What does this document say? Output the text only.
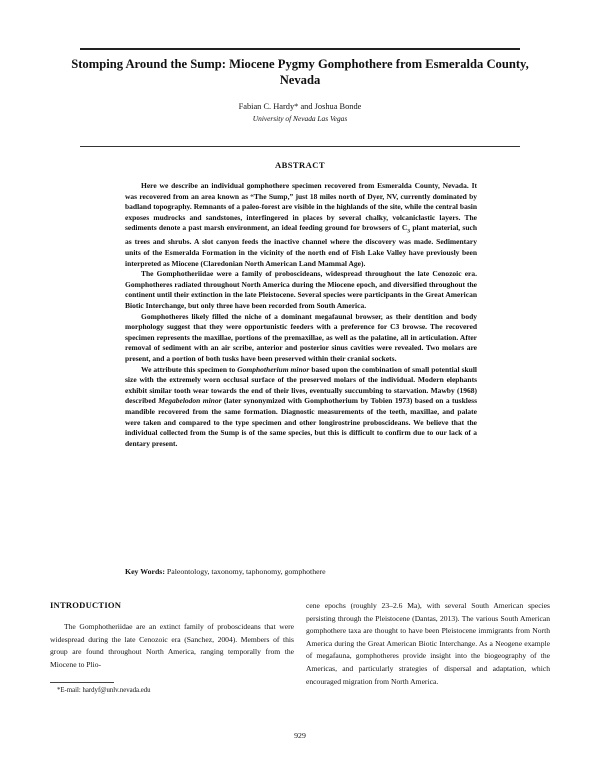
Stomping Around the Sump: Miocene Pygmy Gomphothere from Esmeralda County, Nevada
Fabian C. Hardy* and Joshua Bonde
University of Nevada Las Vegas
ABSTRACT

Here we describe an individual gomphothere specimen recovered from Esmeralda County, Nevada. It was recovered from an area known as “The Sump,” just 18 miles north of Dyer, NV, currently dominated by badland topography. Remnants of a paleo-forest are visible in the highlands of the site, while the central basin exposes mudrocks and sandstones, interfingered in places by several chalky, volcaniclastic layers. The sediments denote a past marsh environment, an ideal feeding ground for browsers of $C_3$ plant material, such as trees and shrubs. A slot canyon feeds the inactive channel where the discovery was made. Sedimentary units of the Esmeralda Formation in the vicinity of the north end of Fish Lake Valley have previously been interpreted as Miocene (Claredonian North American Land Mammal Age).

The Gomphotheriidae were a family of proboscideans, widespread throughout the late Cenozoic era. Gomphotheres radiated throughout North America during the Miocene epoch, and diversified throughout the continent until their extinction in the late Pleistocene. Several species were participants in the Great American Biotic Interchange, but only three have been recorded from South America.

Gomphotheres likely filled the niche of a dominant megafaunal browser, as their dentition and body morphology suggest that they were opportunistic feeders with a preference for C3 browse. The recovered specimen represents the maxillae, portions of the premaxillae, as well as the palatine, all in articulation. After removal of sediment with an air scribe, anterior and posterior sinus cavities were revealed. Two molars are present, and a portion of both tusks have been preserved within their cranial sockets.

We attribute this specimen to Gomphotherium minor based upon the combination of small potential skull size with the extremely worn occlusal surface of the preserved molars of the individual. Modern elephants exhibit similar tooth wear towards the end of their lives, eventually succumbing to starvation. Mawby (1968) described Megabelodon minor (later synonymized with Gomphotherium by Tobien 1973) based on a tuskless mandible recovered from the same formation. Diagnostic measurements of the teeth, maxillae, and palate were taken and compared to the type specimen and other longirostrine proboscideans. We believe that the individual collected from the Sump is of the same species, but this is difficult to confirm due to our lack of a dentary present.

Key Words: Paleontology, taxonomy, taphonomy, gomphothere
INTRODUCTION

The Gomphotheriidae are an extinct family of proboscideans that were widespread during the late Cenozoic era (Sanchez, 2004). Members of this group are found throughout North America, ranging temporally from the Miocene to Plio-

cene epochs (roughly 23–2.6 Ma), with several South American species persisting through the Pleistocene (Dantas, 2013). The various South American gomphothere taxa are thought to have been Pleistocene immigrants from North America during the Great American Biotic Interchange. As a Neogene example of megafauna, gomphotheres provide insight into the biogeography of the Americas, and particularly strategies of dispersal and adaptation, which encouraged migration from North America.

*E-mail: hardyf@unlv.nevada.edu
929
